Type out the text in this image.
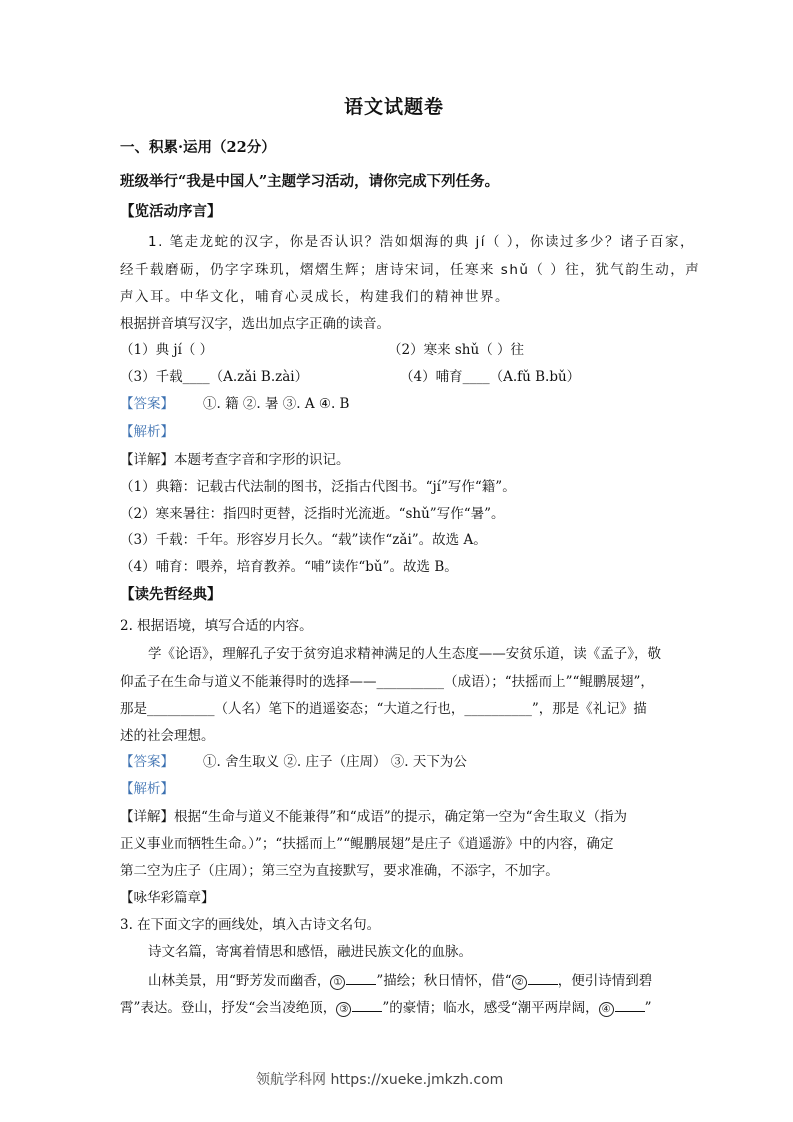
语文试题卷
一、积累·运用（22分）
班级举行“我是中国人”主题学习活动，请你完成下列任务。
【览活动序言】
1. 笔走龙蛇的汉字，你是否认识？浩如烟海的典 jí（ ），你读过多少？诸子百家，
经千载磨砺，仍字字珠玑，熠熠生辉；唐诗宋词，任寒来 shǔ（ ）往，犹气韵生动，声
声入耳。中华文化，哺育心灵成长，构建我们的精神世界。
根据拼音填写汉字，选出加点字正确的读音。
（1）典 jí（ ）	（2）寒来 shǔ（ ）往
（3）千载____（A.zǎi B.zài）	（4）哺育____（A.fǔ B.bǔ）
【答案】 ①. 籍 ②. 暑 ③. A ④. B
【解析】
【详解】本题考查字音和字形的识记。
（1）典籍：记载古代法制的图书，泛指古代图书。“jí”写作“籍”。
（2）寒来暑往：指四时更替，泛指时光流逝。“shǔ”写作“暑”。
（3）千载：千年。形容岁月长久。“载”读作“zǎi”。故选 A。
（4）哺育：喂养，培育教养。“哺”读作“bǔ”。故选 B。
【读先哲经典】
2. 根据语境，填写合适的内容。
学《论语》，理解孔子安于贫穷追求精神满足的人生态度——安贫乐道，读《孟子》，敬
仰孟子在生命与道义不能兼得时的选择——__________（成语）；“扶摇而上”“鲲鹏展翅”，
那是__________（人名）笔下的逍遥姿态；“大道之行也，__________”，那是《礼记》描
述的社会理想。
【答案】 ①. 舍生取义 ②. 庄子（庄周） ③. 天下为公
【解析】
【详解】根据“生命与道义不能兼得”和“成语”的提示，确定第一空为“舍生取义（指为
正义事业而牺牲生命。）”；“扶摇而上”“鲲鹏展翅”是庄子《逍遥游》中的内容，确定
第二空为庄子（庄周）；第三空为直接默写，要求准确，不添字，不加字。
【咏华彩篇章】
3. 在下面文字的画线处，填入古诗文名句。
诗文名篇，寄寓着情思和感悟，融进民族文化的血脉。
山林美景，用“野芳发而幽香， ①	”描绘；秋日情怀，借“ ②	，便引诗情到碧
霄”表达。登山，抒发“会当凌绝顶， ③	”的豪情；临水，感受“潮平两岸阔， ④	”
领航学科网 https://xueke.jmkzh.com
